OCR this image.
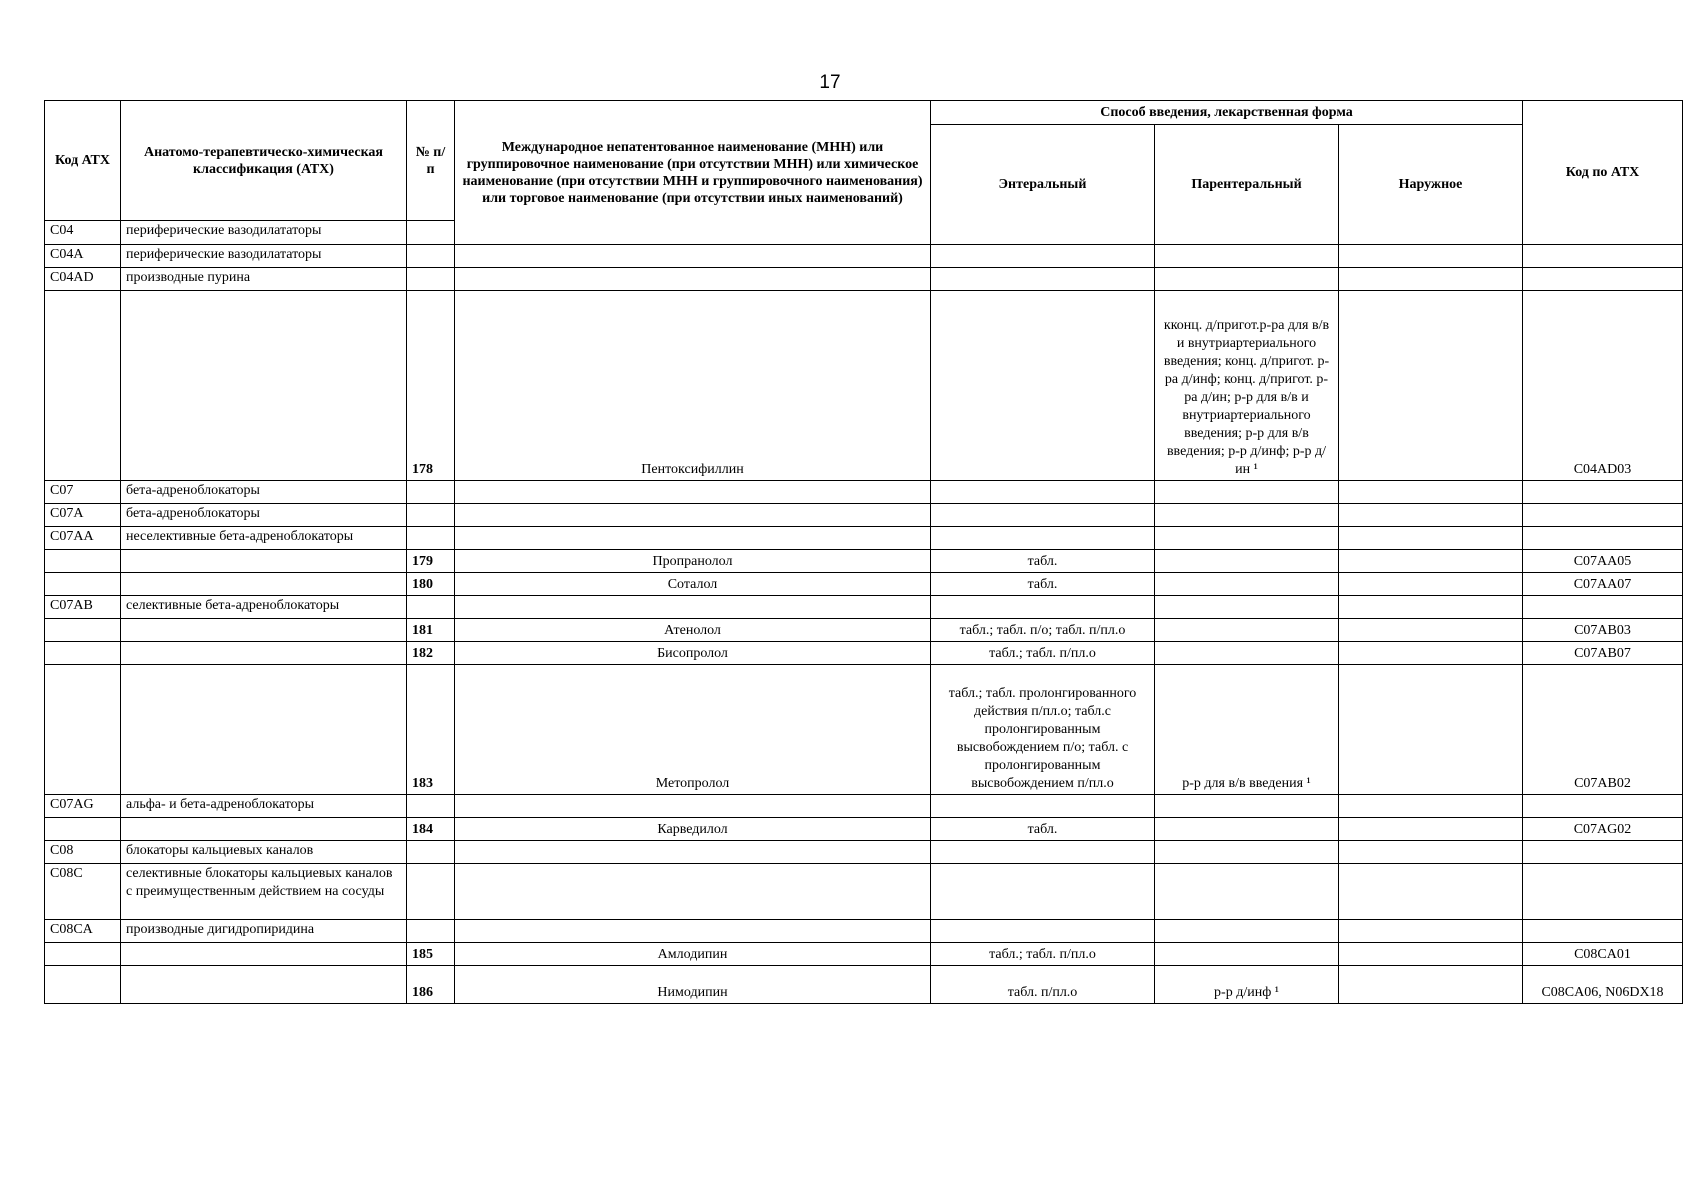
17
Код АТХ	Анатомо-терапевтическо-химическая классификация (АТХ)	№ п/п	Международное непатентованное наименование (МНН) или группировочное наименование (при отсутствии МНН) или химическое наименование (при отсутствии МНН и группировочного наименования) или торговое наименование (при отсутствии иных наименований)	Способ введения, лекарственная форма			Код по АТХ
				Энтеральный	Парентеральный	Наружное	
C04	периферические вазодилататоры						
C04A	периферические вазодилататоры						
C04AD	производные пурина						
		178	Пентоксифиллин		кконц. д/пригот.р-ра для в/в и внутриартериального введения; конц. д/пригот. р-ра д/инф; конц. д/пригот. р-ра д/ин; р-р для в/в и внутриартериального введения; р-р для в/в введения; р-р д/инф; р-р д/ин ¹		C04AD03
C07	бета-адреноблокаторы						
C07A	бета-адреноблокаторы						
C07AA	неселективные бета-адреноблокаторы						
		179	Пропранолол	табл.			C07AA05
		180	Соталол	табл.			C07AA07
C07AB	селективные бета-адреноблокаторы						
		181	Атенолол	табл.; табл. п/о; табл. п/пл.о			C07AB03
		182	Бисопролол	табл.; табл. п/пл.о			C07AB07
		183	Метопролол	табл.; табл. пролонгированного действия п/пл.о; табл.с пролонгированным высвобождением п/о; табл. с пролонгированным высвобождением п/пл.о	р-р для в/в введения ¹		C07AB02
C07AG	альфа- и бета-адреноблокаторы						
		184	Карведилол	табл.			C07AG02
C08	блокаторы кальциевых каналов						
C08C	селективные блокаторы кальциевых каналов с преимущественным действием на сосуды						
C08CA	производные дигидропиридина						
		185	Амлодипин	табл.; табл. п/пл.о			C08CA01
		186	Нимодипин	табл. п/пл.о	р-р д/инф ¹		C08CA06, N06DX18
